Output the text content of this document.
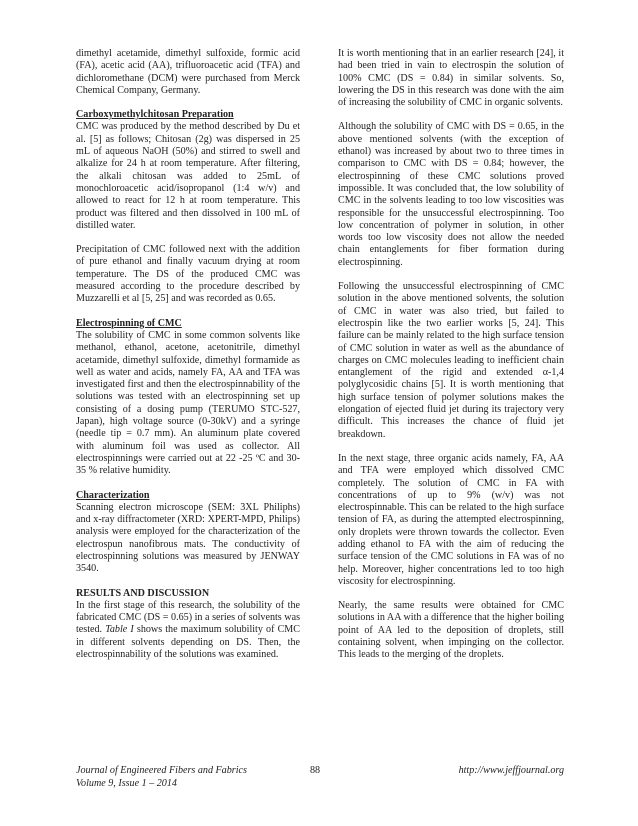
dimethyl acetamide, dimethyl sulfoxide, formic acid (FA), acetic acid (AA), trifluoroacetic acid (TFA) and dichloromethane (DCM) were purchased from Merck Chemical Company, Germany.

Carboxymethylchitosan Preparation

CMC was produced by the method described by Du et al. [5] as follows; Chitosan (2g) was dispersed in 25 mL of aqueous NaOH (50%) and stirred to swell and alkalize for 24 h at room temperature. After filtering, the alkali chitosan was added to 25mL of monochloroacetic acid/isopropanol (1:4 w/v) and allowed to react for 12 h at room temperature. This product was filtered and then dissolved in 100 mL of distilled water.

Precipitation of CMC followed next with the addition of pure ethanol and finally vacuum drying at room temperature. The DS of the produced CMC was measured according to the procedure described by Muzzarelli et al [5, 25] and was recorded as 0.65.

Electrospinning of CMC

The solubility of CMC in some common solvents like methanol, ethanol, acetone, acetonitrile, dimethyl acetamide, dimethyl sulfoxide, dimethyl formamide as well as water and acids, namely FA, AA and TFA was investigated first and then the electrospinnability of the solutions was tested with an electrospinning set up consisting of a dosing pump (TERUMO STC-527, Japan), high voltage source (0-30kV) and a syringe (needle tip = 0.7 mm). An aluminum plate covered with aluminum foil was used as collector. All electrospinnings were carried out at 22 -25 ºC and 30-35 % relative humidity.

Characterization

Scanning electron microscope (SEM: 3XL Philiphs) and x-ray diffractometer (XRD: XPERT-MPD, Philips) analysis were employed for the characterization of the electrospun nanofibrous mats. The conductivity of electrospinning solutions was measured by JENWAY 3540.

RESULTS AND DISCUSSION

In the first stage of this research, the solubility of the fabricated CMC (DS = 0.65) in a series of solvents was tested. Table I shows the maximum solubility of CMC in different solvents depending on DS. Then, the electrospinnability of the solutions was examined.

It is worth mentioning that in an earlier research [24], it had been tried in vain to electrospin the solution of 100% CMC (DS = 0.84) in similar solvents. So, lowering the DS in this research was done with the aim of increasing the solubility of CMC in organic solvents.

Although the solubility of CMC with DS = 0.65, in the above mentioned solvents (with the exception of ethanol) was increased by about two to three times in comparison to CMC with DS = 0.84; however, the electrospinning of these CMC solutions proved impossible. It was concluded that, the low solubility of CMC in the solvents leading to too low viscosities was responsible for the unsuccessful electrospinning. Too low concentration of polymer in solution, in other words too low viscosity does not allow the needed chain entanglements for fiber formation during electrospinning.

Following the unsuccessful electrospinning of CMC solution in the above mentioned solvents, the solution of CMC in water was also tried, but failed to electrospin like the two earlier works [5, 24]. This failure can be mainly related to the high surface tension of CMC solution in water as well as the abundance of charges on CMC molecules leading to inefficient chain entanglement of the rigid and extended α-1,4 polyglycosidic chains [5]. It is worth mentioning that high surface tension of polymer solutions makes the elongation of ejected fluid jet during its trajectory very difficult. This increases the chance of fluid jet breakdown.

In the next stage, three organic acids namely, FA, AA and TFA were employed which dissolved CMC completely. The solution of CMC in FA with concentrations of up to 9% (w/v) was not electrospinnable. This can be related to the high surface tension of FA, as during the attempted electrospinning, only droplets were thrown towards the collector. Even adding ethanol to FA with the aim of reducing the surface tension of the CMC solutions in FA was of no help. Moreover, higher concentrations led to too high viscosity for electrospinning.

Nearly, the same results were obtained for CMC solutions in AA with a difference that the higher boiling point of AA led to the deposition of droplets, still containing solvent, when impinging on the collector. This leads to the merging of the droplets.

Journal of Engineered Fibers and Fabrics
Volume 9, Issue 1 – 2014
88	http://www.jeffjournal.org
